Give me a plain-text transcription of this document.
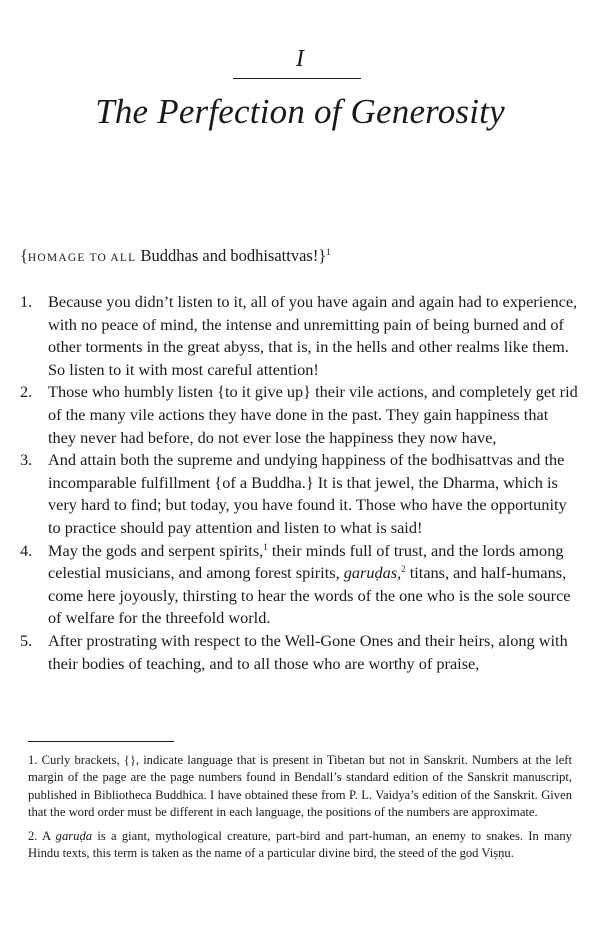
I
The Perfection of Generosity
{HOMAGE TO ALL Buddhas and bodhisattvas!}$^1$

1. Because you didn’t listen to it, all of you have again and again had to experience, with no peace of mind, the intense and unremitting pain of being burned and of other torments in the great abyss, that is, in the hells and other realms like them. So listen to it with most careful attention!

2. Those who humbly listen {to it give up} their vile actions, and completely get rid of the many vile actions they have done in the past. They gain happiness that they never had before, do not ever lose the happiness they now have,

3. And attain both the supreme and undying happiness of the bodhisattvas and the incomparable fulfillment {of a Buddha.} It is that jewel, the Dharma, which is very hard to find; but today, you have found it. Those who have the opportunity to practice should pay attention and listen to what is said!

4. May the gods and serpent spirits,$^1$ their minds full of trust, and the lords among celestial musicians, and among forest spirits, garuḍas,$^2$ titans, and half-humans, come here joyously, thirsting to hear the words of the one who is the sole source of welfare for the threefold world.

5. After prostrating with respect to the Well-Gone Ones and their heirs, along with their bodies of teaching, and to all those who are worthy of praise,

1. Curly brackets, {}, indicate language that is present in Tibetan but not in Sanskrit. Numbers at the left margin of the page are the page numbers found in Bendall’s standard edition of the Sanskrit manuscript, published in Bibliotheca Buddhica. I have obtained these from P. L. Vaidya’s edition of the Sanskrit. Given that the word order must be different in each language, the positions of the numbers are approximate.

2. A garuḍa is a giant, mythological creature, part-bird and part-human, an enemy to snakes. In many Hindu texts, this term is taken as the name of a particular divine bird, the steed of the god Viṣṇu.
